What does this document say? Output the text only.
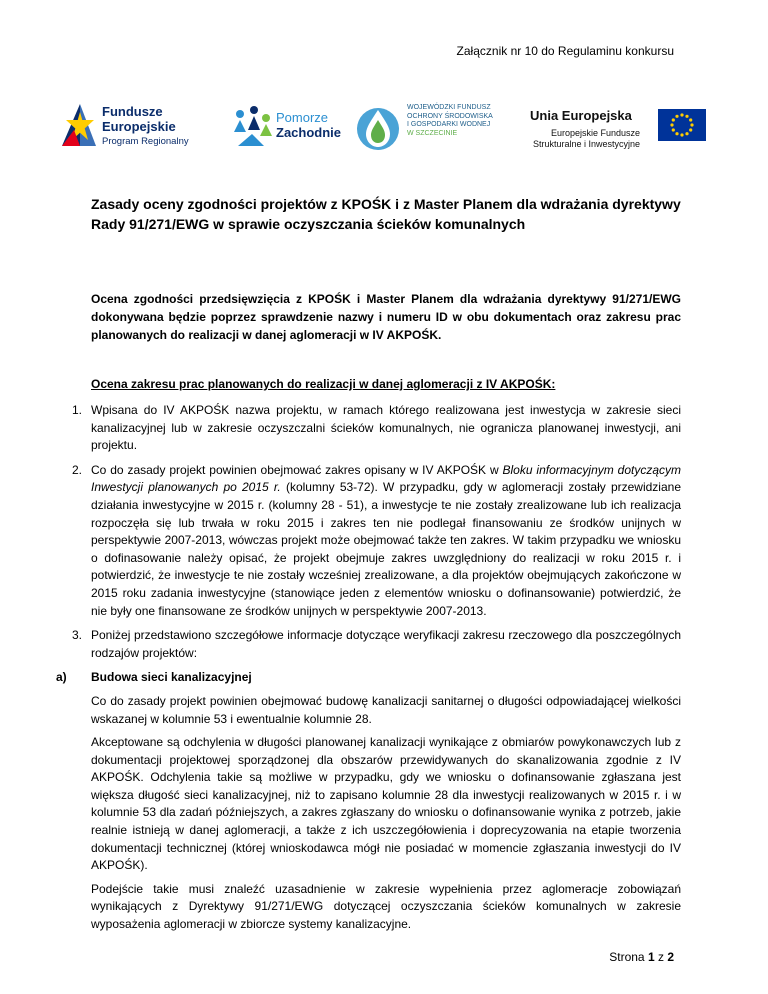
Załącznik nr 10 do Regulaminu konkursu
Fundusze
Europejskie
Program Regionalny
Pomorze
Zachodnie
WOJEWÓDZKI FUNDUSZ
OCHRONY ŚRODOWISKA
I GOSPODARKI WODNEJ

W SZCZECINIE
Unia Europejska
Europejskie Fundusze
Strukturalne i Inwestycyjne
Zasady oceny zgodności projektów z KPOŚK i z Master Planem dla wdrażania dyrektywy Rady 91/271/EWG w sprawie oczyszczania ścieków komunalnych
Ocena zgodności przedsięwzięcia z KPOŚK i Master Planem dla wdrażania dyrektywy 91/271/EWG dokonywana będzie poprzez sprawdzenie nazwy i numeru ID w obu dokumentach oraz zakresu prac planowanych do realizacji w danej aglomeracji w IV AKPOŚK.
Ocena zakresu prac planowanych do realizacji w danej aglomeracji z IV AKPOŚK:
1. Wpisana do IV AKPOŚK nazwa projektu, w ramach którego realizowana jest inwestycja w zakresie sieci kanalizacyjnej lub w zakresie oczyszczalni ścieków komunalnych, nie ogranicza planowanej inwestycji, ani projektu.
2. Co do zasady projekt powinien obejmować zakres opisany w IV AKPOŚK w Bloku informacyjnym dotyczącym Inwestycji planowanych po 2015 r. (kolumny 53-72). W przypadku, gdy w aglomeracji zostały przewidziane działania inwestycyjne w 2015 r. (kolumny 28 - 51), a inwestycje te nie zostały zrealizowane lub ich realizacja rozpoczęła się lub trwała w roku 2015 i zakres ten nie podlegał finansowaniu ze środków unijnych w perspektywie 2007-2013, wówczas projekt może obejmować także ten zakres. W takim przypadku we wniosku o dofinasowanie należy opisać, że projekt obejmuje zakres uwzględniony do realizacji w roku 2015 r. i potwierdzić, że inwestycje te nie zostały wcześniej zrealizowane, a dla projektów obejmujących zakończone w 2015 roku zadania inwestycyjne (stanowiące jeden z elementów wniosku o dofinansowanie) potwierdzić, że nie były one finansowane ze środków unijnych w perspektywie 2007-2013.
3. Poniżej przedstawiono szczegółowe informacje dotyczące weryfikacji zakresu rzeczowego dla poszczególnych rodzajów projektów:
a) Budowa sieci kanalizacyjnej
Co do zasady projekt powinien obejmować budowę kanalizacji sanitarnej o długości odpowiadającej wielkości wskazanej w kolumnie 53 i ewentualnie kolumnie 28.
Akceptowane są odchylenia w długości planowanej kanalizacji wynikające z obmiarów powykonawczych lub z dokumentacji projektowej sporządzonej dla obszarów przewidywanych do skanalizowania zgodnie z IV AKPOŚK. Odchylenia takie są możliwe w przypadku, gdy we wniosku o dofinansowanie zgłaszana jest większa długość sieci kanalizacyjnej, niż to zapisano kolumnie 28 dla inwestycji realizowanych w 2015 r. i w kolumnie 53 dla zadań późniejszych, a zakres zgłaszany do wniosku o dofinansowanie wynika z potrzeb, jakie realnie istnieją w danej aglomeracji, a także z ich uszczegółowienia i doprecyzowania na etapie tworzenia dokumentacji technicznej (której wnioskodawca mógł nie posiadać w momencie zgłaszania inwestycji do IV AKPOŚK).
Podejście takie musi znaleźć uzasadnienie w zakresie wypełnienia przez aglomeracje zobowiązań wynikających z Dyrektywy 91/271/EWG dotyczącej oczyszczania ścieków komunalnych w zakresie wyposażenia aglomeracji w zbiorcze systemy kanalizacyjne.
Strona 1 z 2
